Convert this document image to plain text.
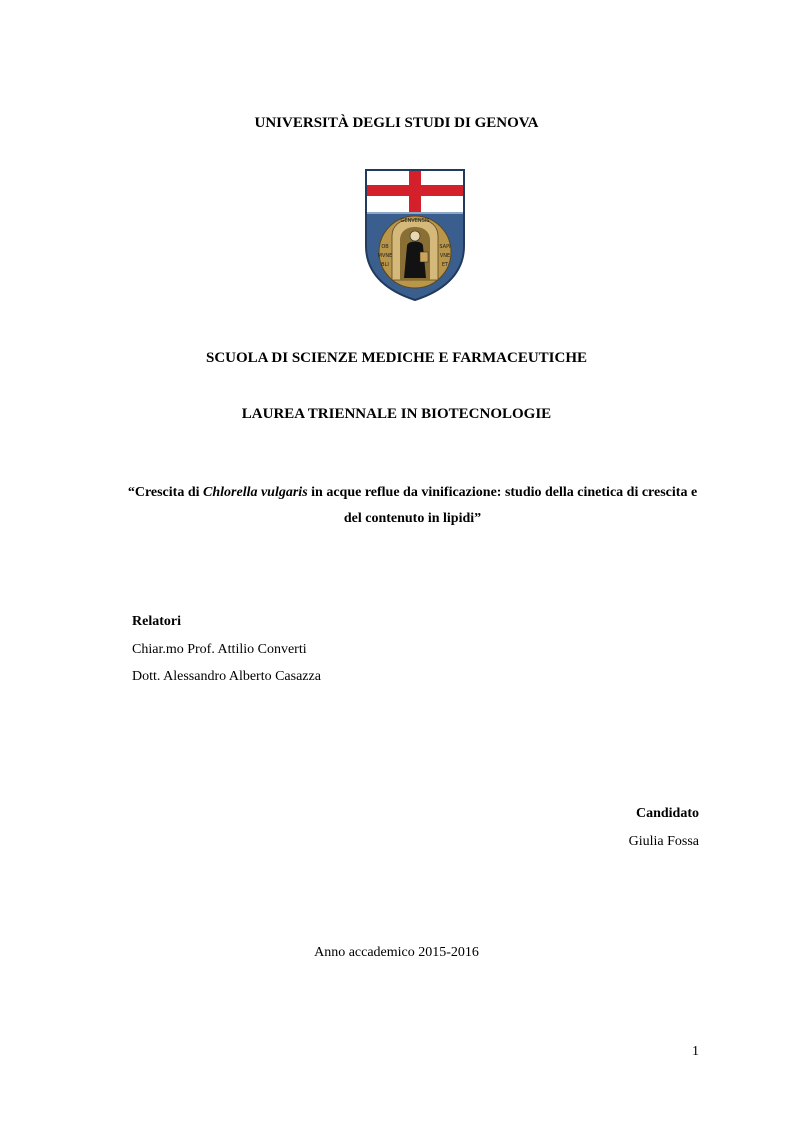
UNIVERSITÀ DEGLI STUDI DI GENOVA
GENVENSIS
OB
MVNE
BLI
SAPI
VNE
ET
SCUOLA DI SCIENZE MEDICHE E FARMACEUTICHE
LAUREA TRIENNALE IN BIOTECNOLOGIE
“Crescita di Chlorella vulgaris in acque reflue da vinificazione: studio della cinetica di crescita e del contenuto in lipidi”
Relatori
Chiar.mo Prof. Attilio Converti
Dott. Alessandro Alberto Casazza
Candidato
Giulia Fossa
Anno accademico 2015-2016
1
